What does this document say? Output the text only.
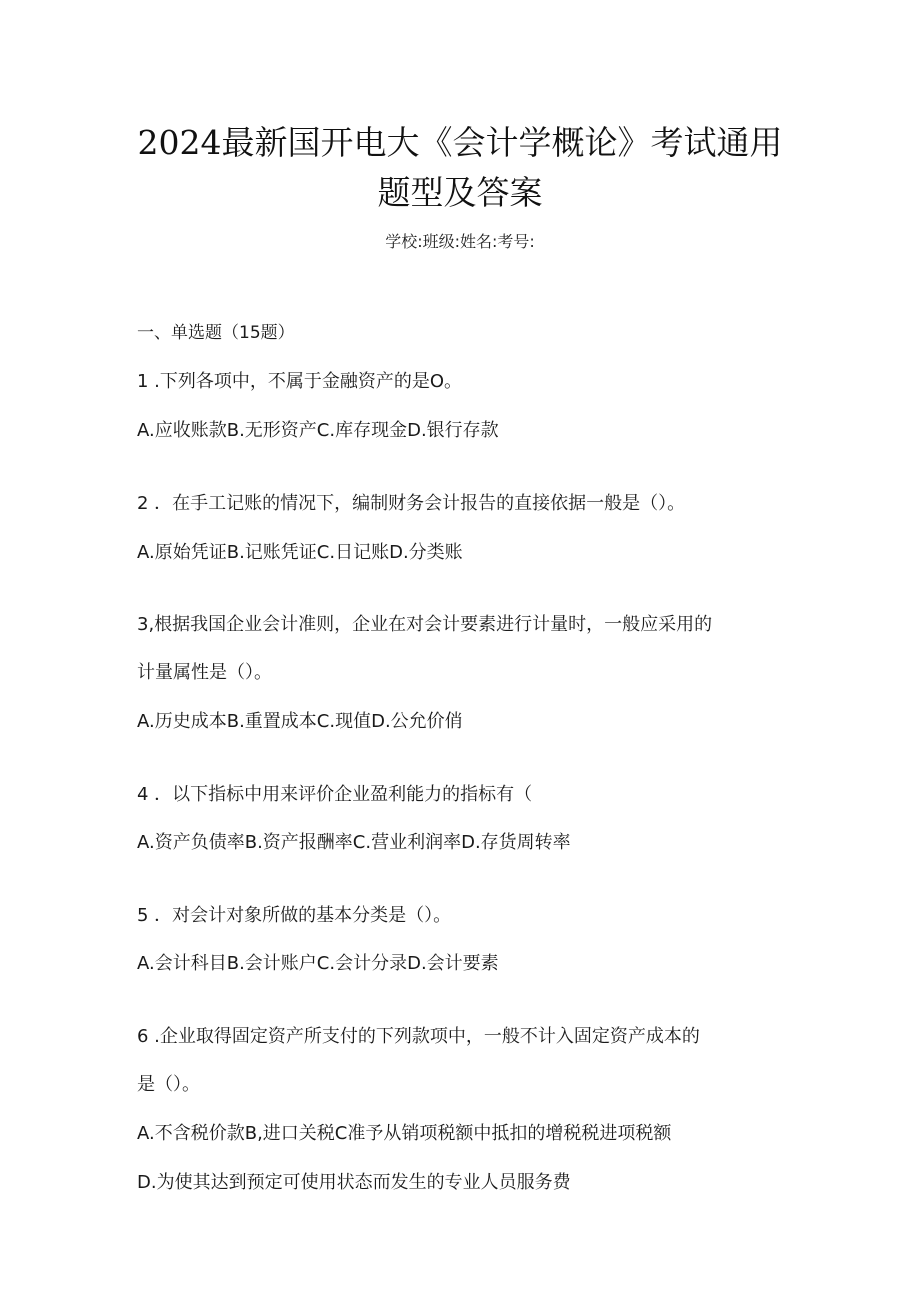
2024最新国开电大《会计学概论》考试通用
题型及答案
学校:班级:姓名:考号:
一、单选题（15题）
1 .下列各项中，不属于金融资产的是O。
A.应收账款B.无形资产C.库存现金D.银行存款
2 ．在手工记账的情况下，编制财务会计报告的直接依据一般是（）。
A.原始凭证B.记账凭证C.日记账D.分类账
3,根据我国企业会计准则，企业在对会计要素进行计量时，一般应采用的
计量属性是（）。
A.历史成本B.重置成本C.现值D.公允价俏
4 ．以下指标中用来评价企业盈利能力的指标有（
A.资产负债率B.资产报酬率C.营业利润率D.存货周转率
5 ．对会计对象所做的基本分类是（）。
A.会计科目B.会计账户C.会计分录D.会计要素
6 .企业取得固定资产所支付的下列款项中，一般不计入固定资产成本的
是（）。
A.不含税价款B,进口关税C准予从销项税额中抵扣的增税税进项税额
D.为使其达到预定可使用状态而发生的专业人员服务费
